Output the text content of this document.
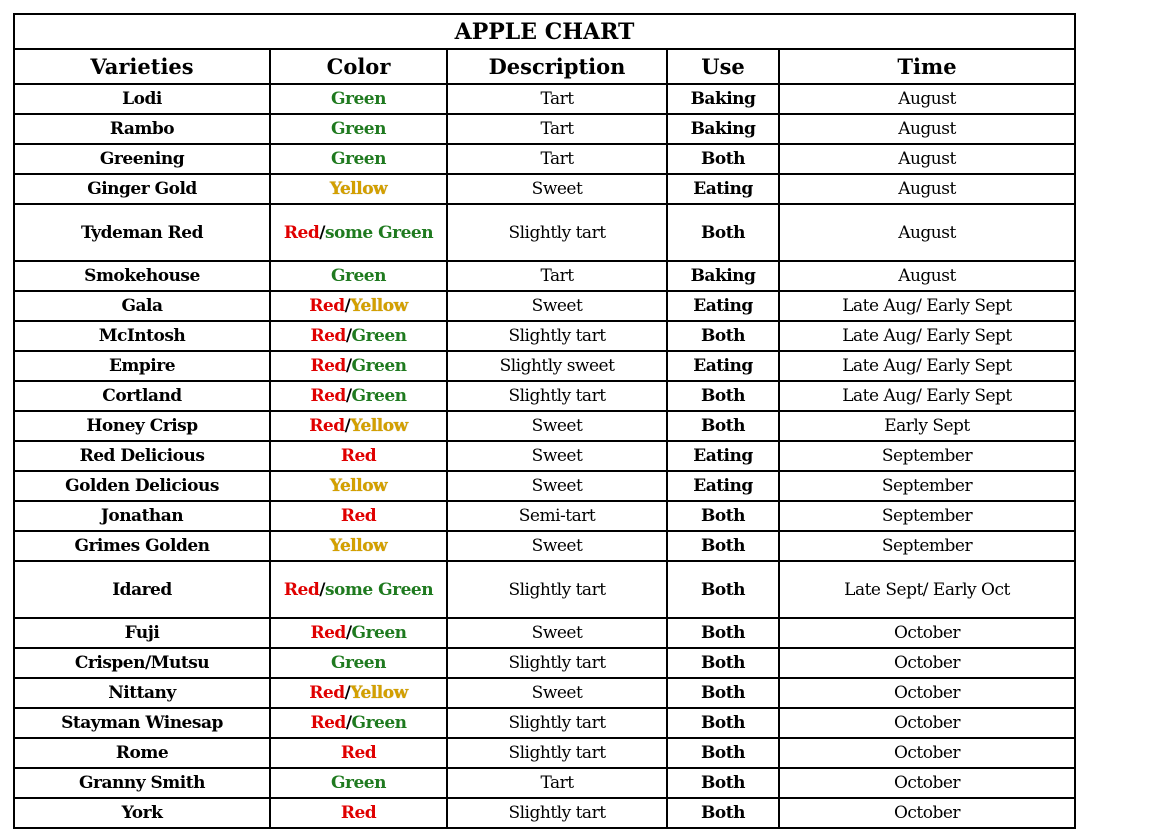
APPLE CHART				
Varieties	Color	Description	Use	Time
Lodi	Green	Tart	Baking	August
Rambo	Green	Tart	Baking	August
Greening	Green	Tart	Both	August
Ginger Gold	Yellow	Sweet	Eating	August
Tydeman Red	Red/some Green	Slightly tart	Both	August
Smokehouse	Green	Tart	Baking	August
Gala	Red/Yellow	Sweet	Eating	Late Aug/ Early Sept
McIntosh	Red/Green	Slightly tart	Both	Late Aug/ Early Sept
Empire	Red/Green	Slightly sweet	Eating	Late Aug/ Early Sept
Cortland	Red/Green	Slightly tart	Both	Late Aug/ Early Sept
Honey Crisp	Red/Yellow	Sweet	Both	Early Sept
Red Delicious	Red	Sweet	Eating	September
Golden Delicious	Yellow	Sweet	Eating	September
Jonathan	Red	Semi-tart	Both	September
Grimes Golden	Yellow	Sweet	Both	September
Idared	Red/some Green	Slightly tart	Both	Late Sept/ Early Oct
Fuji	Red/Green	Sweet	Both	October
Crispen/Mutsu	Green	Slightly tart	Both	October
Nittany	Red/Yellow	Sweet	Both	October
Stayman Winesap	Red/Green	Slightly tart	Both	October
Rome	Red	Slightly tart	Both	October
Granny Smith	Green	Tart	Both	October
York	Red	Slightly tart	Both	October
